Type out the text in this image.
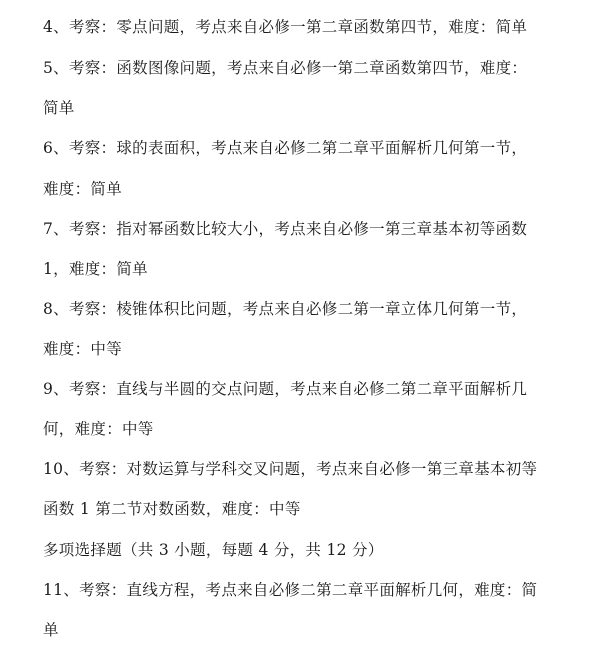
4、考察：零点问题，考点来自必修一第二章函数第四节，难度：简单
5、考察：函数图像问题，考点来自必修一第二章函数第四节，难度：
简单
6、考察：球的表面积，考点来自必修二第二章平面解析几何第一节，
难度：简单
7、考察：指对幂函数比较大小，考点来自必修一第三章基本初等函数
1，难度：简单
8、考察：棱锥体积比问题，考点来自必修二第一章立体几何第一节，
难度：中等
9、考察：直线与半圆的交点问题，考点来自必修二第二章平面解析几
何，难度：中等
10、考察：对数运算与学科交叉问题，考点来自必修一第三章基本初等
函数 1 第二节对数函数，难度：中等
多项选择题（共 3 小题，每题 4 分，共 12 分）
11、考察：直线方程，考点来自必修二第二章平面解析几何，难度：简
单
